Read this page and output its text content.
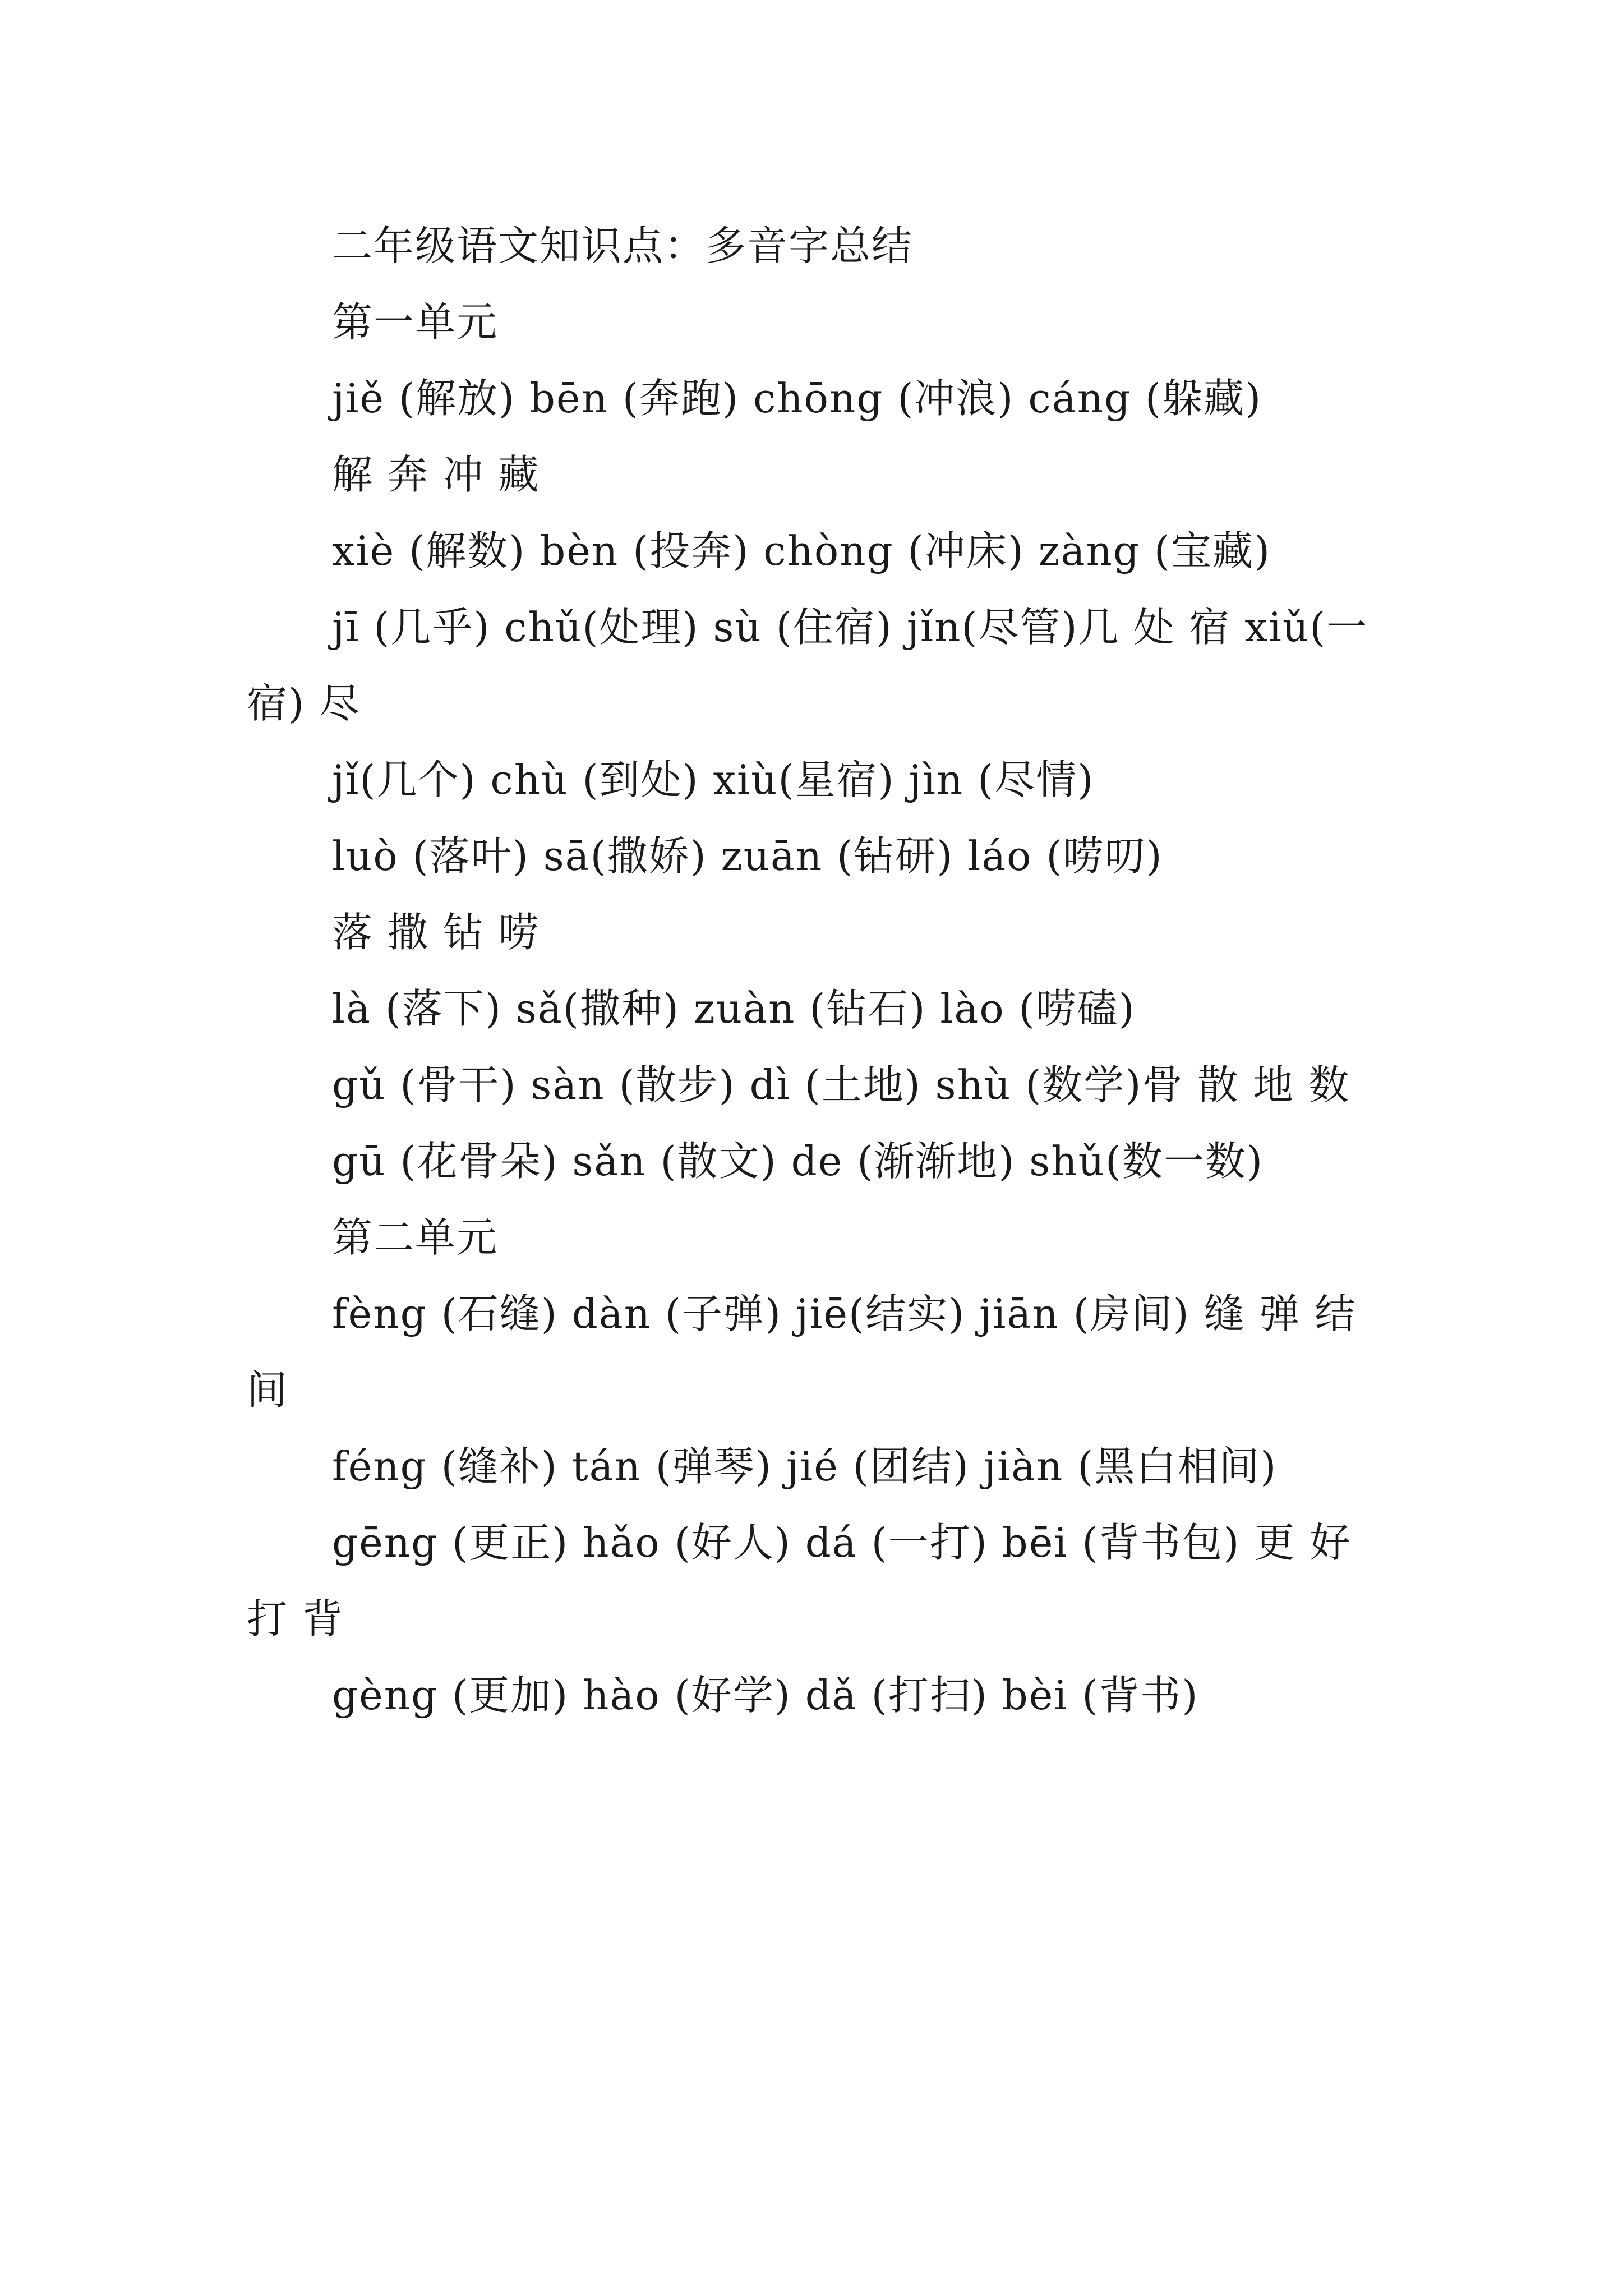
二年级语文知识点：多音字总结
第一单元
jiě (解放) bēn (奔跑) chōng (冲浪) cáng (躲藏)
解 奔 冲 藏
xiè (解数) bèn (投奔) chòng (冲床) zàng (宝藏)
jī (几乎) chǔ(处理) sù (住宿) jǐn(尽管)几 处 宿 xiǔ(一宿) 尽
jǐ(几个) chù (到处) xiù(星宿) jìn (尽情)
luò (落叶) sā(撒娇) zuān (钻研) láo (唠叨)
落 撒 钻 唠
là (落下) sǎ(撒种) zuàn (钻石) lào (唠磕)
gǔ (骨干) sàn (散步) dì (土地) shù (数学)骨 散 地 数
gū (花骨朵) sǎn (散文) de (渐渐地) shǔ(数一数)
第二单元
fèng (石缝) dàn (子弹) jiē(结实) jiān (房间) 缝 弹 结 间
féng (缝补) tán (弹琴) jié (团结) jiàn (黑白相间)
gēng (更正) hǎo (好人) dá (一打) bēi (背书包) 更 好 打 背
gèng (更加) hào (好学) dǎ (打扫) bèi (背书)
